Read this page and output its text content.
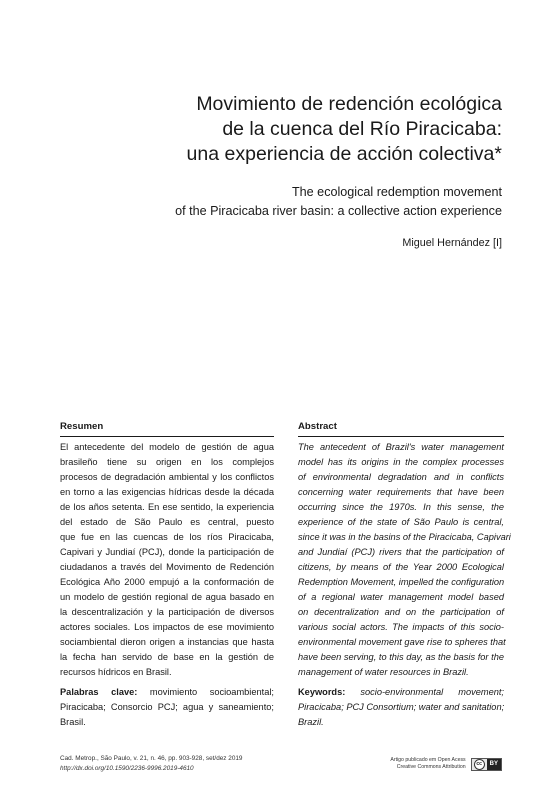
Movimiento de redención ecológica
de la cuenca del Río Piracicaba:
una experiencia de acción colectiva*
The ecological redemption movement
of the Piracicaba river basin: a collective action experience
Miguel Hernández [I]
Resumen
El antecedente del modelo de gestión de agua
brasileño tiene su origen en los complejos
procesos de degradación ambiental y los conflictos
en torno a las exigencias hídricas desde la década
de los años setenta. En ese sentido, la experiencia
del estado de São Paulo es central, puesto
que fue en las cuencas de los ríos Piracicaba,
Capivari y Jundiaí (PCJ), donde la participación de
ciudadanos a través del Movimento de Redención
Ecológica Año 2000 empujó a la conformación de
un modelo de gestión regional de agua basado en
la descentralización y la participación de diversos
actores sociales. Los impactos de ese movimiento
sociambiental dieron origen a instancias que hasta
la fecha han servido de base en la gestión de
recursos hídricos en Brasil.
Palabras clave: movimiento socioambiental;
Piracicaba; Consorcio PCJ; agua y saneamiento;
Brasil.
Abstract
The antecedent of Brazil's water management
model has its origins in the complex processes
of environmental degradation and in conflicts
concerning water requirements that have been
occurring since the 1970s. In this sense, the
experience of the state of São Paulo is central,
since it was in the basins of the Piracicaba, Capivari
and Jundiaí (PCJ) rivers that the participation of
citizens, by means of the Year 2000 Ecological
Redemption Movement, impelled the configuration
of a regional water management model based
on decentralization and on the participation of
various social actors. The impacts of this socio-
environmental movement gave rise to spheres that
have been serving, to this day, as the basis for the
management of water resources in Brazil.
Keywords: socio-environmental movement;
Piracicaba; PCJ Consortium; water and sanitation;
Brazil.
Cad. Metrop., São Paulo, v. 21, n. 46, pp. 903-928, set/dez 2019
http://dx.doi.org/10.1590/2236-9996.2019-4610
Artigo publicado em Open Acess
Creative Commons Attribution	cc	BY
